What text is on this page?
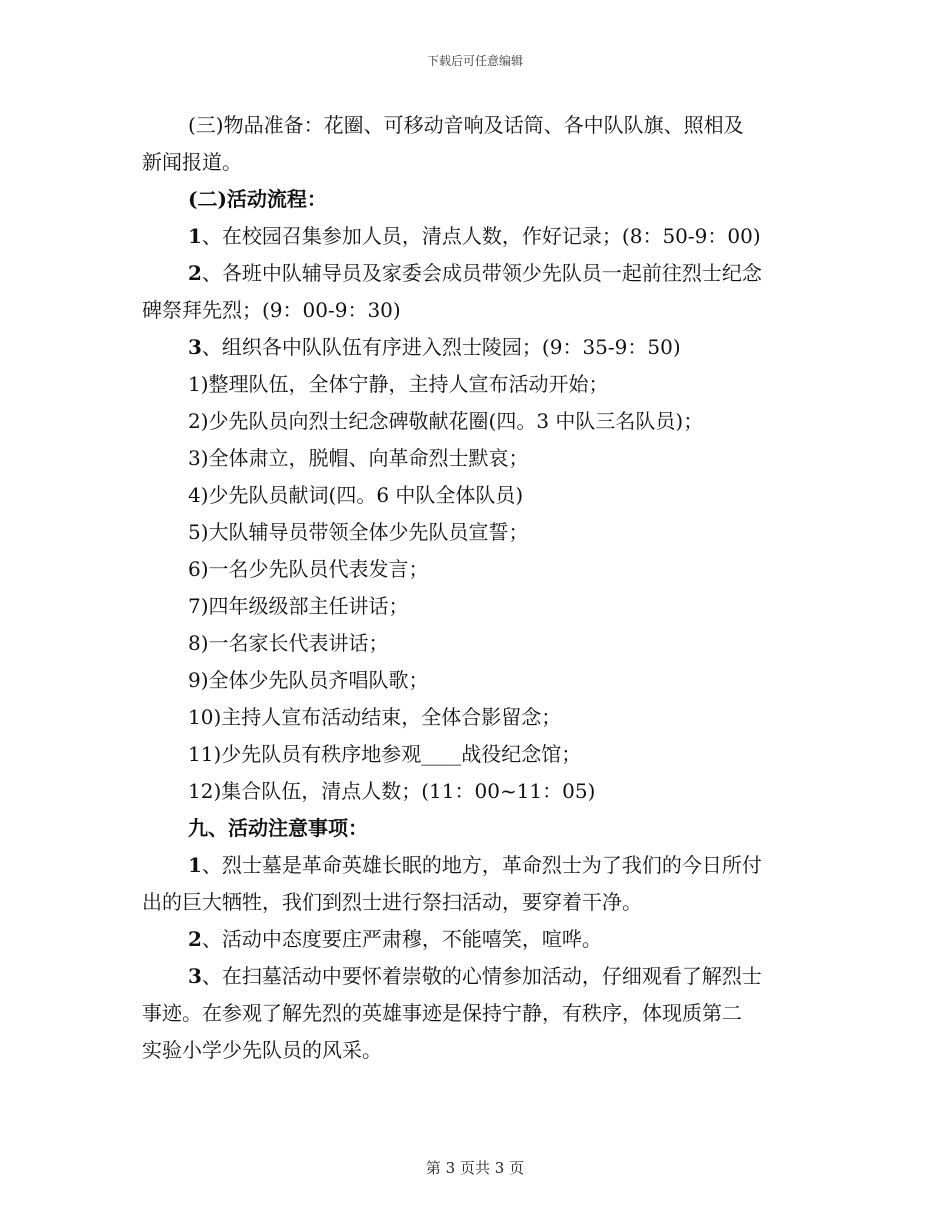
下载后可任意编辑
(三)物品准备：花圈、可移动音响及话筒、各中队队旗、照相及
新闻报道。
(二)活动流程：
1、在校园召集参加人员，清点人数，作好记录；(8：50-9：00)
2、各班中队辅导员及家委会成员带领少先队员一起前往烈士纪念
碑祭拜先烈；(9：00-9：30)
3、组织各中队队伍有序进入烈士陵园；(9：35-9：50)
1)整理队伍，全体宁静，主持人宣布活动开始；
2)少先队员向烈士纪念碑敬献花圈(四。3 中队三名队员)；
3)全体肃立，脱帽、向革命烈士默哀；
4)少先队员献词(四。6 中队全体队员)
5)大队辅导员带领全体少先队员宣誓；
6)一名少先队员代表发言；
7)四年级级部主任讲话；
8)一名家长代表讲话；
9)全体少先队员齐唱队歌；
10)主持人宣布活动结束，全体合影留念；
11)少先队员有秩序地参观____战役纪念馆；
12)集合队伍，清点人数；(11：00~11：05)
九、活动注意事项：
1、烈士墓是革命英雄长眠的地方，革命烈士为了我们的今日所付
出的巨大牺牲，我们到烈士进行祭扫活动，要穿着干净。
2、活动中态度要庄严肃穆，不能嘻笑，喧哗。
3、在扫墓活动中要怀着崇敬的心情参加活动，仔细观看了解烈士
事迹。在参观了解先烈的英雄事迹是保持宁静，有秩序，体现质第二
实验小学少先队员的风采。
第 3 页共 3 页
